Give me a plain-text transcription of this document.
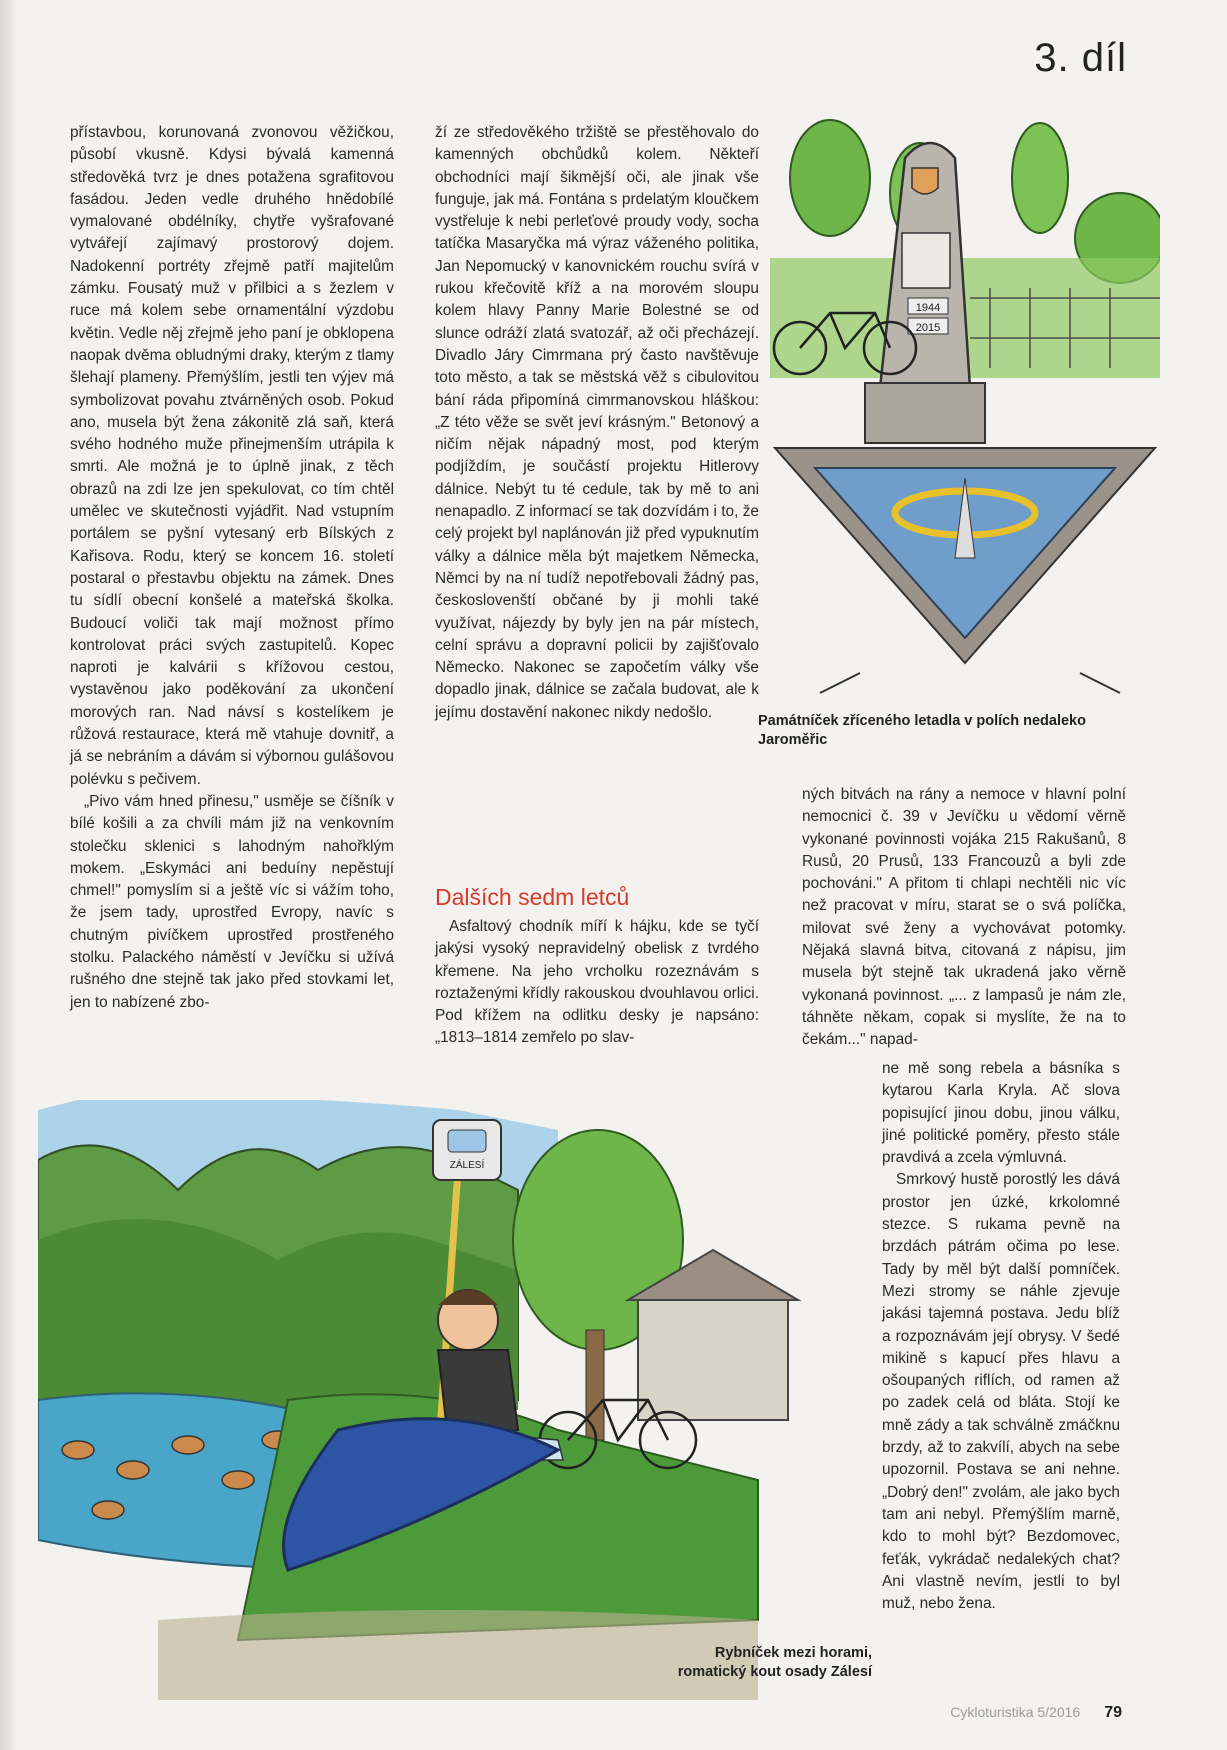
3. díl

přístavbou, korunovaná zvonovou věžičkou, působí vkusně. Kdysi bývalá kamenná středověká tvrz je dnes potažena sgrafitovou fasádou. Jeden vedle druhého hnědobílé vymalované obdélníky, chytře vyšrafované vytvářejí zajímavý prostorový dojem. Nadokenní portréty zřejmě patří majitelům zámku. Fousatý muž v přilbici a s žezlem v ruce má kolem sebe ornamentální výzdobu květin. Vedle něj zřejmě jeho paní je obklopena naopak dvěma obludnými draky, kterým z tlamy šlehají plameny. Přemýšlím, jestli ten výjev má symbolizovat povahu ztvárněných osob. Pokud ano, musela být žena zákonitě zlá saň, která svého hodného muže přinejmenším utrápila k smrti. Ale možná je to úplně jinak, z těch obrazů na zdi lze jen spekulovat, co tím chtěl umělec ve skutečnosti vyjádřit. Nad vstupním portálem se pyšní vytesaný erb Bílských z Kařisova. Rodu, který se koncem 16. století postaral o přestavbu objektu na zámek. Dnes tu sídlí obecní konšelé a mateřská školka. Budoucí voliči tak mají možnost přímo kontrolovat práci svých zastupitelů. Kopec naproti je kalvárii s křížovou cestou, vystavěnou jako poděkování za ukončení morových ran. Nad návsí s kostelíkem je růžová restaurace, která mě vtahuje dovnitř, a já se nebráním a dávám si výbornou gulášovou polévku s pečivem.

„Pivo vám hned přinesu," usměje se číšník v bílé košili a za chvíli mám již na venkovním stolečku sklenici s lahodným nahořklým mokem. „Eskymáci ani beduíny nepěstují chmel!" pomyslím si a ještě víc si vážím toho, že jsem tady, uprostřed Evropy, navíc s chutným pivíčkem uprostřed prostřeného stolku. Palackého náměstí v Jevíčku si užívá rušného dne stejně tak jako před stovkami let, jen to nabízené zbo-

ží ze středověkého tržiště se přestěhovalo do kamenných obchůdků kolem. Někteří obchodníci mají šikmější oči, ale jinak vše funguje, jak má. Fontána s prdelatým kloučkem vystřeluje k nebi perleťové proudy vody, socha tatíčka Masaryčka má výraz váženého politika, Jan Nepomucký v kanovnickém rouchu svírá v rukou křečovitě kříž a na morovém sloupu kolem hlavy Panny Marie Bolestné se od slunce odráží zlatá svatozář, až oči přecházejí. Divadlo Járy Cimrmana prý často navštěvuje toto město, a tak se městská věž s cibulovitou bání ráda připomíná cimrmanovskou hláškou: „Z této věže se svět jeví krásným." Betonový a ničím nějak nápadný most, pod kterým podjíždím, je součástí projektu Hitlerovy dálnice. Nebýt tu té cedule, tak by mě to ani nenapadlo. Z informací se tak dozvídám i to, že celý projekt byl naplánován již před vypuknutím války a dálnice měla být majetkem Německa, Němci by na ní tudíž nepotřebovali žádný pas, českoslovenští občané by ji mohli také využívat, nájezdy by byly jen na pár místech, celní správu a dopravní policii by zajišťovalo Německo. Nakonec se započetím války vše dopadlo jinak, dálnice se začala budovat, ale k jejímu dostavění nakonec nikdy nedošlo.

Dalších sedm letců

Asfaltový chodník míří k hájku, kde se tyčí jakýsi vysoký nepravidelný obelisk z tvrdého křemene. Na jeho vrcholku rozeznávám s roztaženými křídly rakouskou dvouhlavou orlici. Pod křížem na odlitku desky je napsáno: „1813–1814 zemřelo po slav-

ných bitvách na rány a nemoce v hlavní polní nemocnici č. 39 v Jevíčku u vědomí věrně vykonané povinnosti vojáka 215 Rakušanů, 8 Rusů, 20 Prusů, 133 Francouzů a byli zde pochováni." A přitom ti chlapi nechtěli nic víc než pracovat v míru, starat se o svá políčka, milovat své ženy a vychovávat potomky. Nějaká slavná bitva, citovaná z nápisu, jim musela být stejně tak ukradená jako věrně vykonaná povinnost. „... z lampasů je nám zle, táhněte někam, copak si myslíte, že na to čekám..." napad-

ne mě song rebela a básníka s kytarou Karla Kryla. Ač slova popisující jinou dobu, jinou válku, jiné politické poměry, přesto stále pravdivá a zcela výmluvná.

Smrkový hustě porostlý les dává prostor jen úzké, krkolomné stezce. S rukama pevně na brzdách pátrám očima po lese. Tady by měl být další pomníček. Mezi stromy se náhle zjevuje jakási tajemná postava. Jedu blíž a rozpoznávám její obrysy. V šedé mikině s kapucí přes hlavu a ošoupaných riflích, od ramen až po zadek celá od bláta. Stojí ke mně zády a tak schválně zmáčknu brzdy, až to zakvílí, abych na sebe upozornil. Postava se ani nehne. „Dobrý den!" zvolám, ale jako bych tam ani nebyl. Přemýšlím marně, kdo to mohl být? Bezdomovec, feťák, vykrádač nedalekých chat? Ani vlastně nevím, jestli to byl muž, nebo žena.

1944
2015
Památníček zříceného letadla v polích nedaleko Jaroměřic
ZÁLESÍ
Rybníček mezi horami,
romatický kout osady Zálesí
Cykloturistika 5/2016 79
